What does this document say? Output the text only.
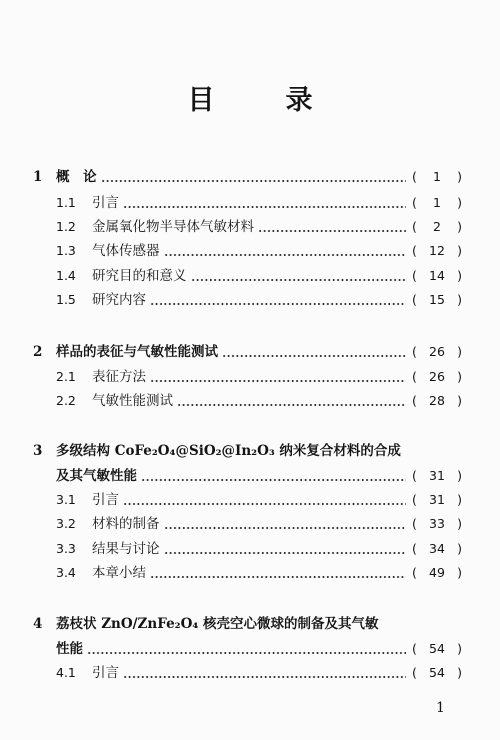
目　录
1	概　论	(	1	)
1.1	引言	(	1	)
1.2	金属氧化物半导体气敏材料	(	2	)
1.3	气体传感器	( 12 )
1.4	研究目的和意义	( 14 )
1.5	研究内容	( 15 )
2	样品的表征与气敏性能测试	( 26 )
2.1	表征方法	( 26 )
2.2	气敏性能测试	( 28 )
3	多级结构 CoFe₂O₄@SiO₂@In₂O₃ 纳米复合材料的合成
及其气敏性能	( 31 )
3.1	引言	( 31 )
3.2	材料的制备	( 33 )
3.3	结果与讨论	( 34 )
3.4	本章小结	( 49 )
4	荔枝状 ZnO/ZnFe₂O₄ 核壳空心微球的制备及其气敏
性能	( 54 )
4.1	引言	( 54 )
1
